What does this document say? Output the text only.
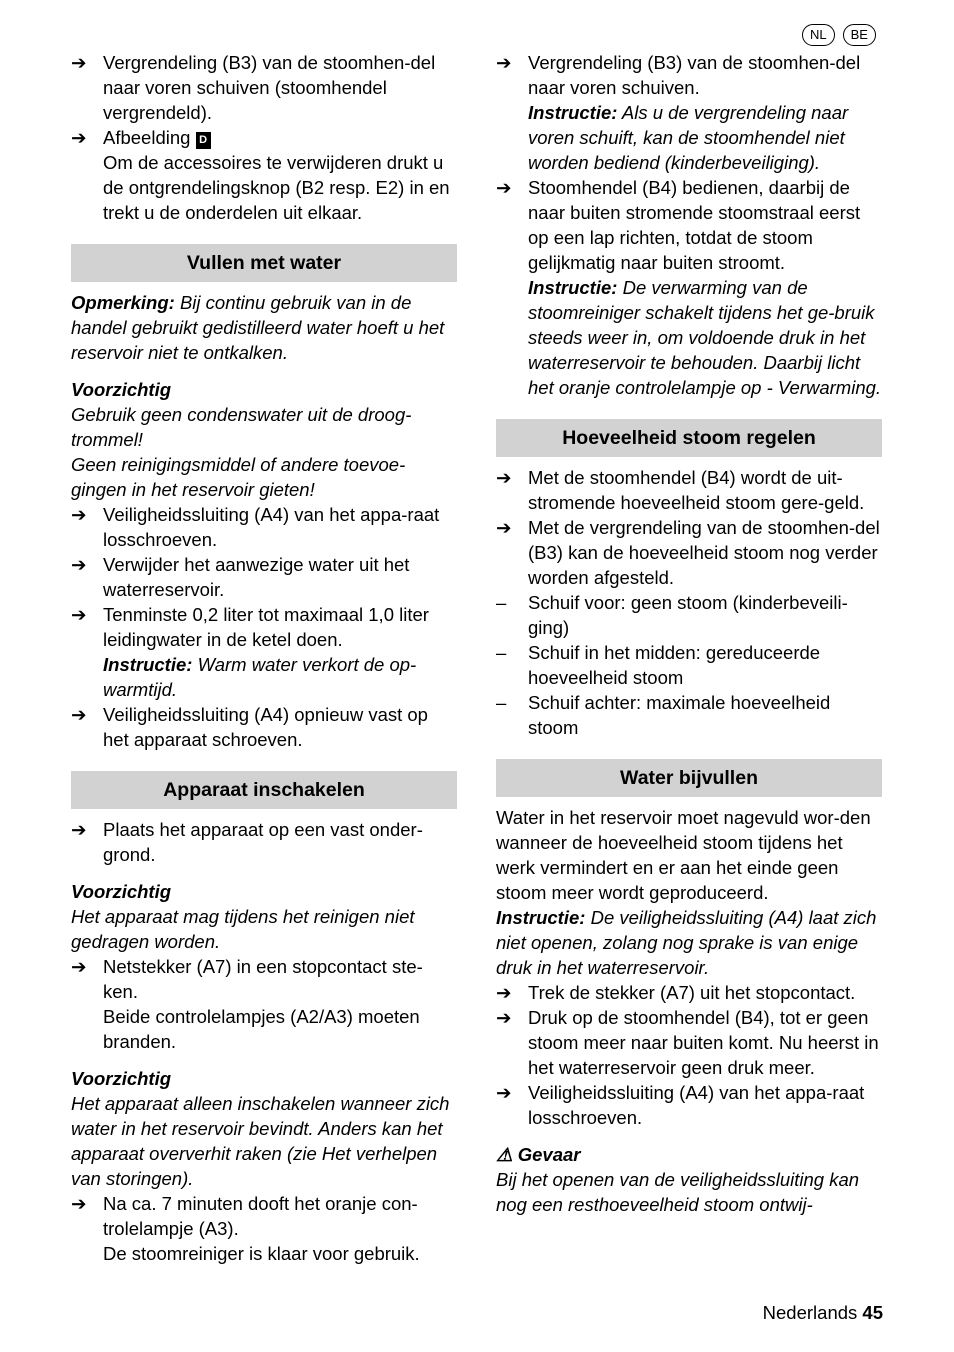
NL	BE
➔ Vergrendeling (B3) van de stoomhen-del naar voren schuiven (stoomhendel vergrendeld).
➔ Afbeelding D

Om de accessoires te verwijderen drukt u de ontgrendelingsknop (B2 resp. E2) in en trekt u de onderdelen uit elkaar.
Vullen met water
Opmerking: Bij continu gebruik van in de handel gebruikt gedistilleerd water hoeft u het reservoir niet te ontkalken.
Voorzichtig
Gebruik geen condenswater uit de droog-trommel!
Geen reinigingsmiddel of andere toevoe-gingen in het reservoir gieten!
➔ Veiligheidssluiting (A4) van het appa-raat losschroeven.
➔ Verwijder het aanwezige water uit het waterreservoir.
➔ Tenminste 0,2 liter tot maximaal 1,0 liter leidingwater in de ketel doen.
Instructie: Warm water verkort de op-warmtijd.
➔ Veiligheidssluiting (A4) opnieuw vast op het apparaat schroeven.
Apparaat inschakelen
➔ Plaats het apparaat op een vast onder-grond.
Voorzichtig
Het apparaat mag tijdens het reinigen niet gedragen worden.
➔ Netstekker (A7) in een stopcontact ste-ken.
Beide controlelampjes (A2/A3) moeten branden.
Voorzichtig
Het apparaat alleen inschakelen wanneer zich water in het reservoir bevindt. Anders kan het apparaat oververhit raken (zie Het verhelpen van storingen).
➔ Na ca. 7 minuten dooft het oranje con-trolelampje (A3).
De stoomreiniger is klaar voor gebruik.
➔ Vergrendeling (B3) van de stoomhen-del naar voren schuiven.
Instructie: Als u de vergrendeling naar voren schuift, kan de stoomhendel niet worden bediend (kinderbeveiliging).
➔ Stoomhendel (B4) bedienen, daarbij de naar buiten stromende stoomstraal eerst op een lap richten, totdat de stoom gelijkmatig naar buiten stroomt.
Instructie: De verwarming van de stoomreiniger schakelt tijdens het ge-bruik steeds weer in, om voldoende druk in het waterreservoir te behouden. Daarbij licht het oranje controlelampje op - Verwarming.
Hoeveelheid stoom regelen
➔ Met de stoomhendel (B4) wordt de uit-stromende hoeveelheid stoom gere-geld.
➔ Met de vergrendeling van de stoomhen-del (B3) kan de hoeveelheid stoom nog verder worden afgesteld.
–	Schuif voor: geen stoom (kinderbeveili-ging)
–	Schuif in het midden: gereduceerde hoeveelheid stoom
–	Schuif achter: maximale hoeveelheid stoom
Water bijvullen
Water in het reservoir moet nagevuld wor-den wanneer de hoeveelheid stoom tijdens het werk vermindert en er aan het einde geen stoom meer wordt geproduceerd.
Instructie: De veiligheidssluiting (A4) laat zich niet openen, zolang nog sprake is van enige druk in het waterreservoir.
➔ Trek de stekker (A7) uit het stopcontact.
➔ Druk op de stoomhendel (B4), tot er geen stoom meer naar buiten komt. Nu heerst in het waterreservoir geen druk meer.
➔ Veiligheidssluiting (A4) van het appa-raat losschroeven.
⚠ Gevaar
Bij het openen van de veiligheidssluiting kan nog een resthoeveelheid stoom ontwij-
Nederlands 45
